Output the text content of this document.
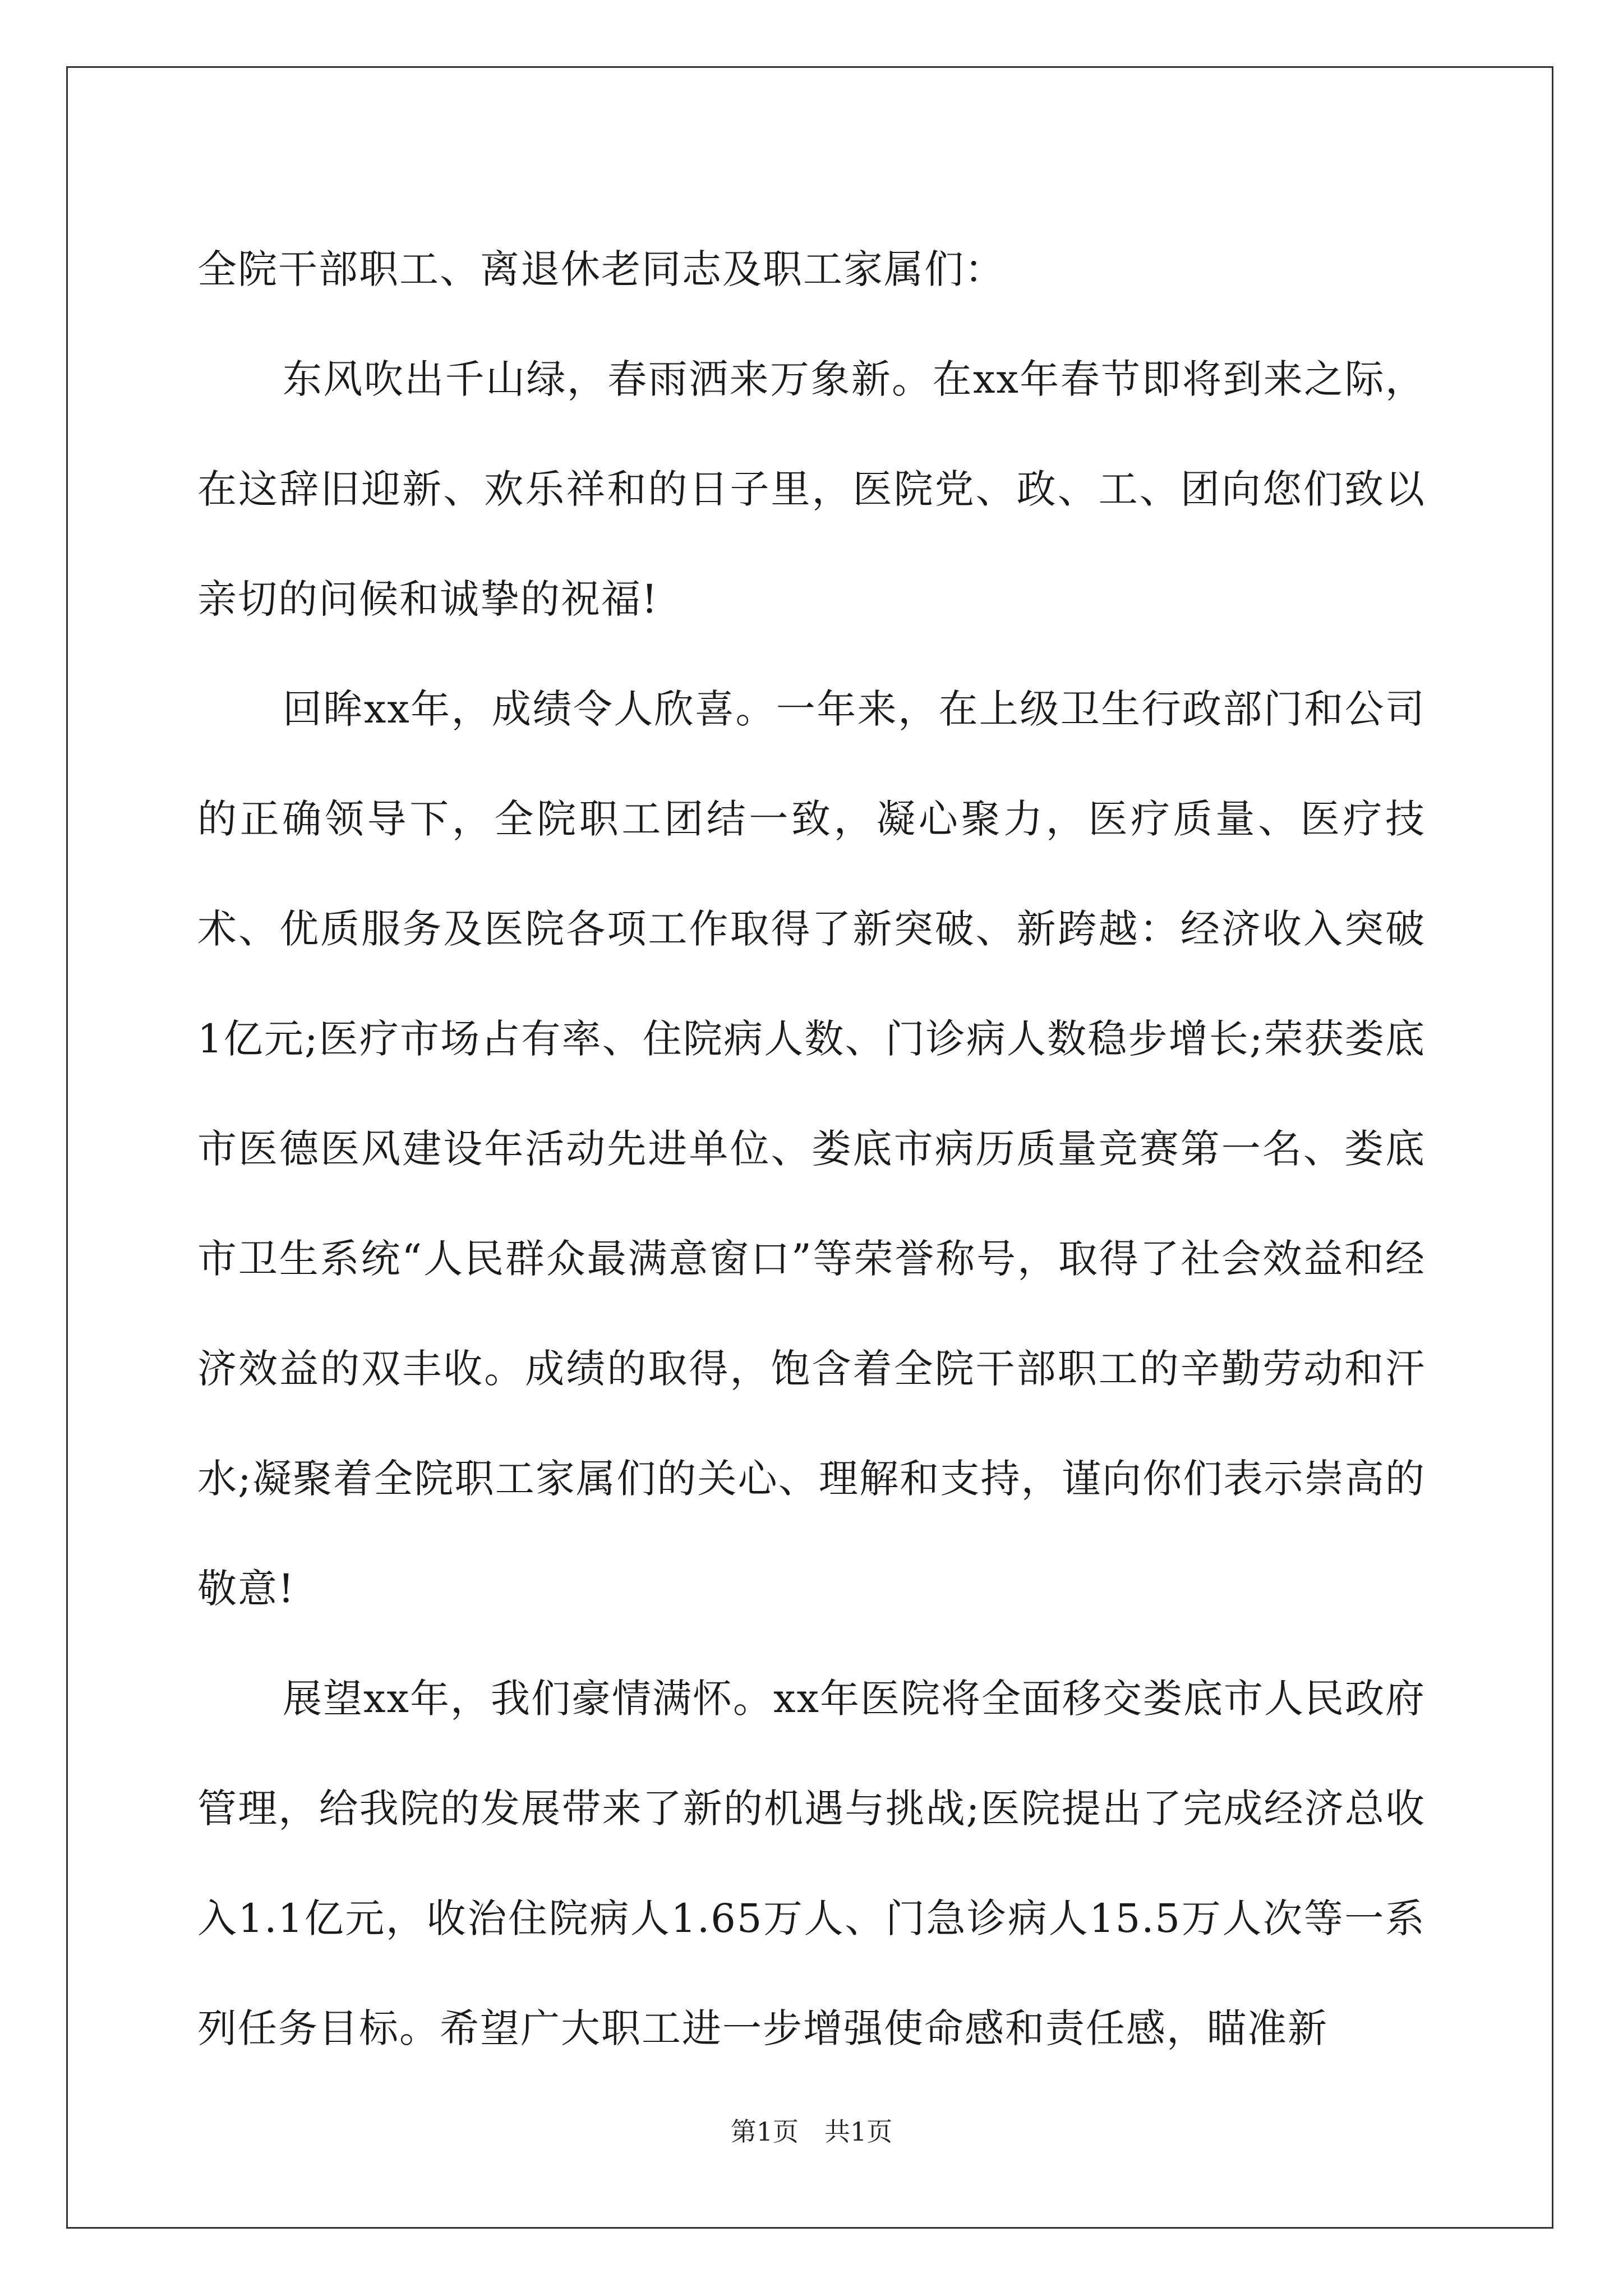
全院干部职工、离退休老同志及职工家属们：

东风吹出千山绿，春雨洒来万象新。在xx年春节即将到来之际，在这辞旧迎新、欢乐祥和的日子里，医院党、政、工、团向您们致以亲切的问候和诚挚的祝福!

回眸xx年，成绩令人欣喜。一年来，在上级卫生行政部门和公司的正确领导下，全院职工团结一致，凝心聚力，医疗质量、医疗技术、优质服务及医院各项工作取得了新突破、新跨越：经济收入突破1亿元;医疗市场占有率、住院病人数、门诊病人数稳步增长;荣获娄底市医德医风建设年活动先进单位、娄底市病历质量竞赛第一名、娄底市卫生系统“人民群众最满意窗口”等荣誉称号，取得了社会效益和经济效益的双丰收。成绩的取得，饱含着全院干部职工的辛勤劳动和汗水;凝聚着全院职工家属们的关心、理解和支持，谨向你们表示崇高的敬意!

展望xx年，我们豪情满怀。xx年医院将全面移交娄底市人民政府管理，给我院的发展带来了新的机遇与挑战;医院提出了完成经济总收入1.1亿元，收治住院病人1.65万人、门急诊病人15.5万人次等一系列任务目标。希望广大职工进一步增强使命感和责任感，瞄准新

第1页 共1页
